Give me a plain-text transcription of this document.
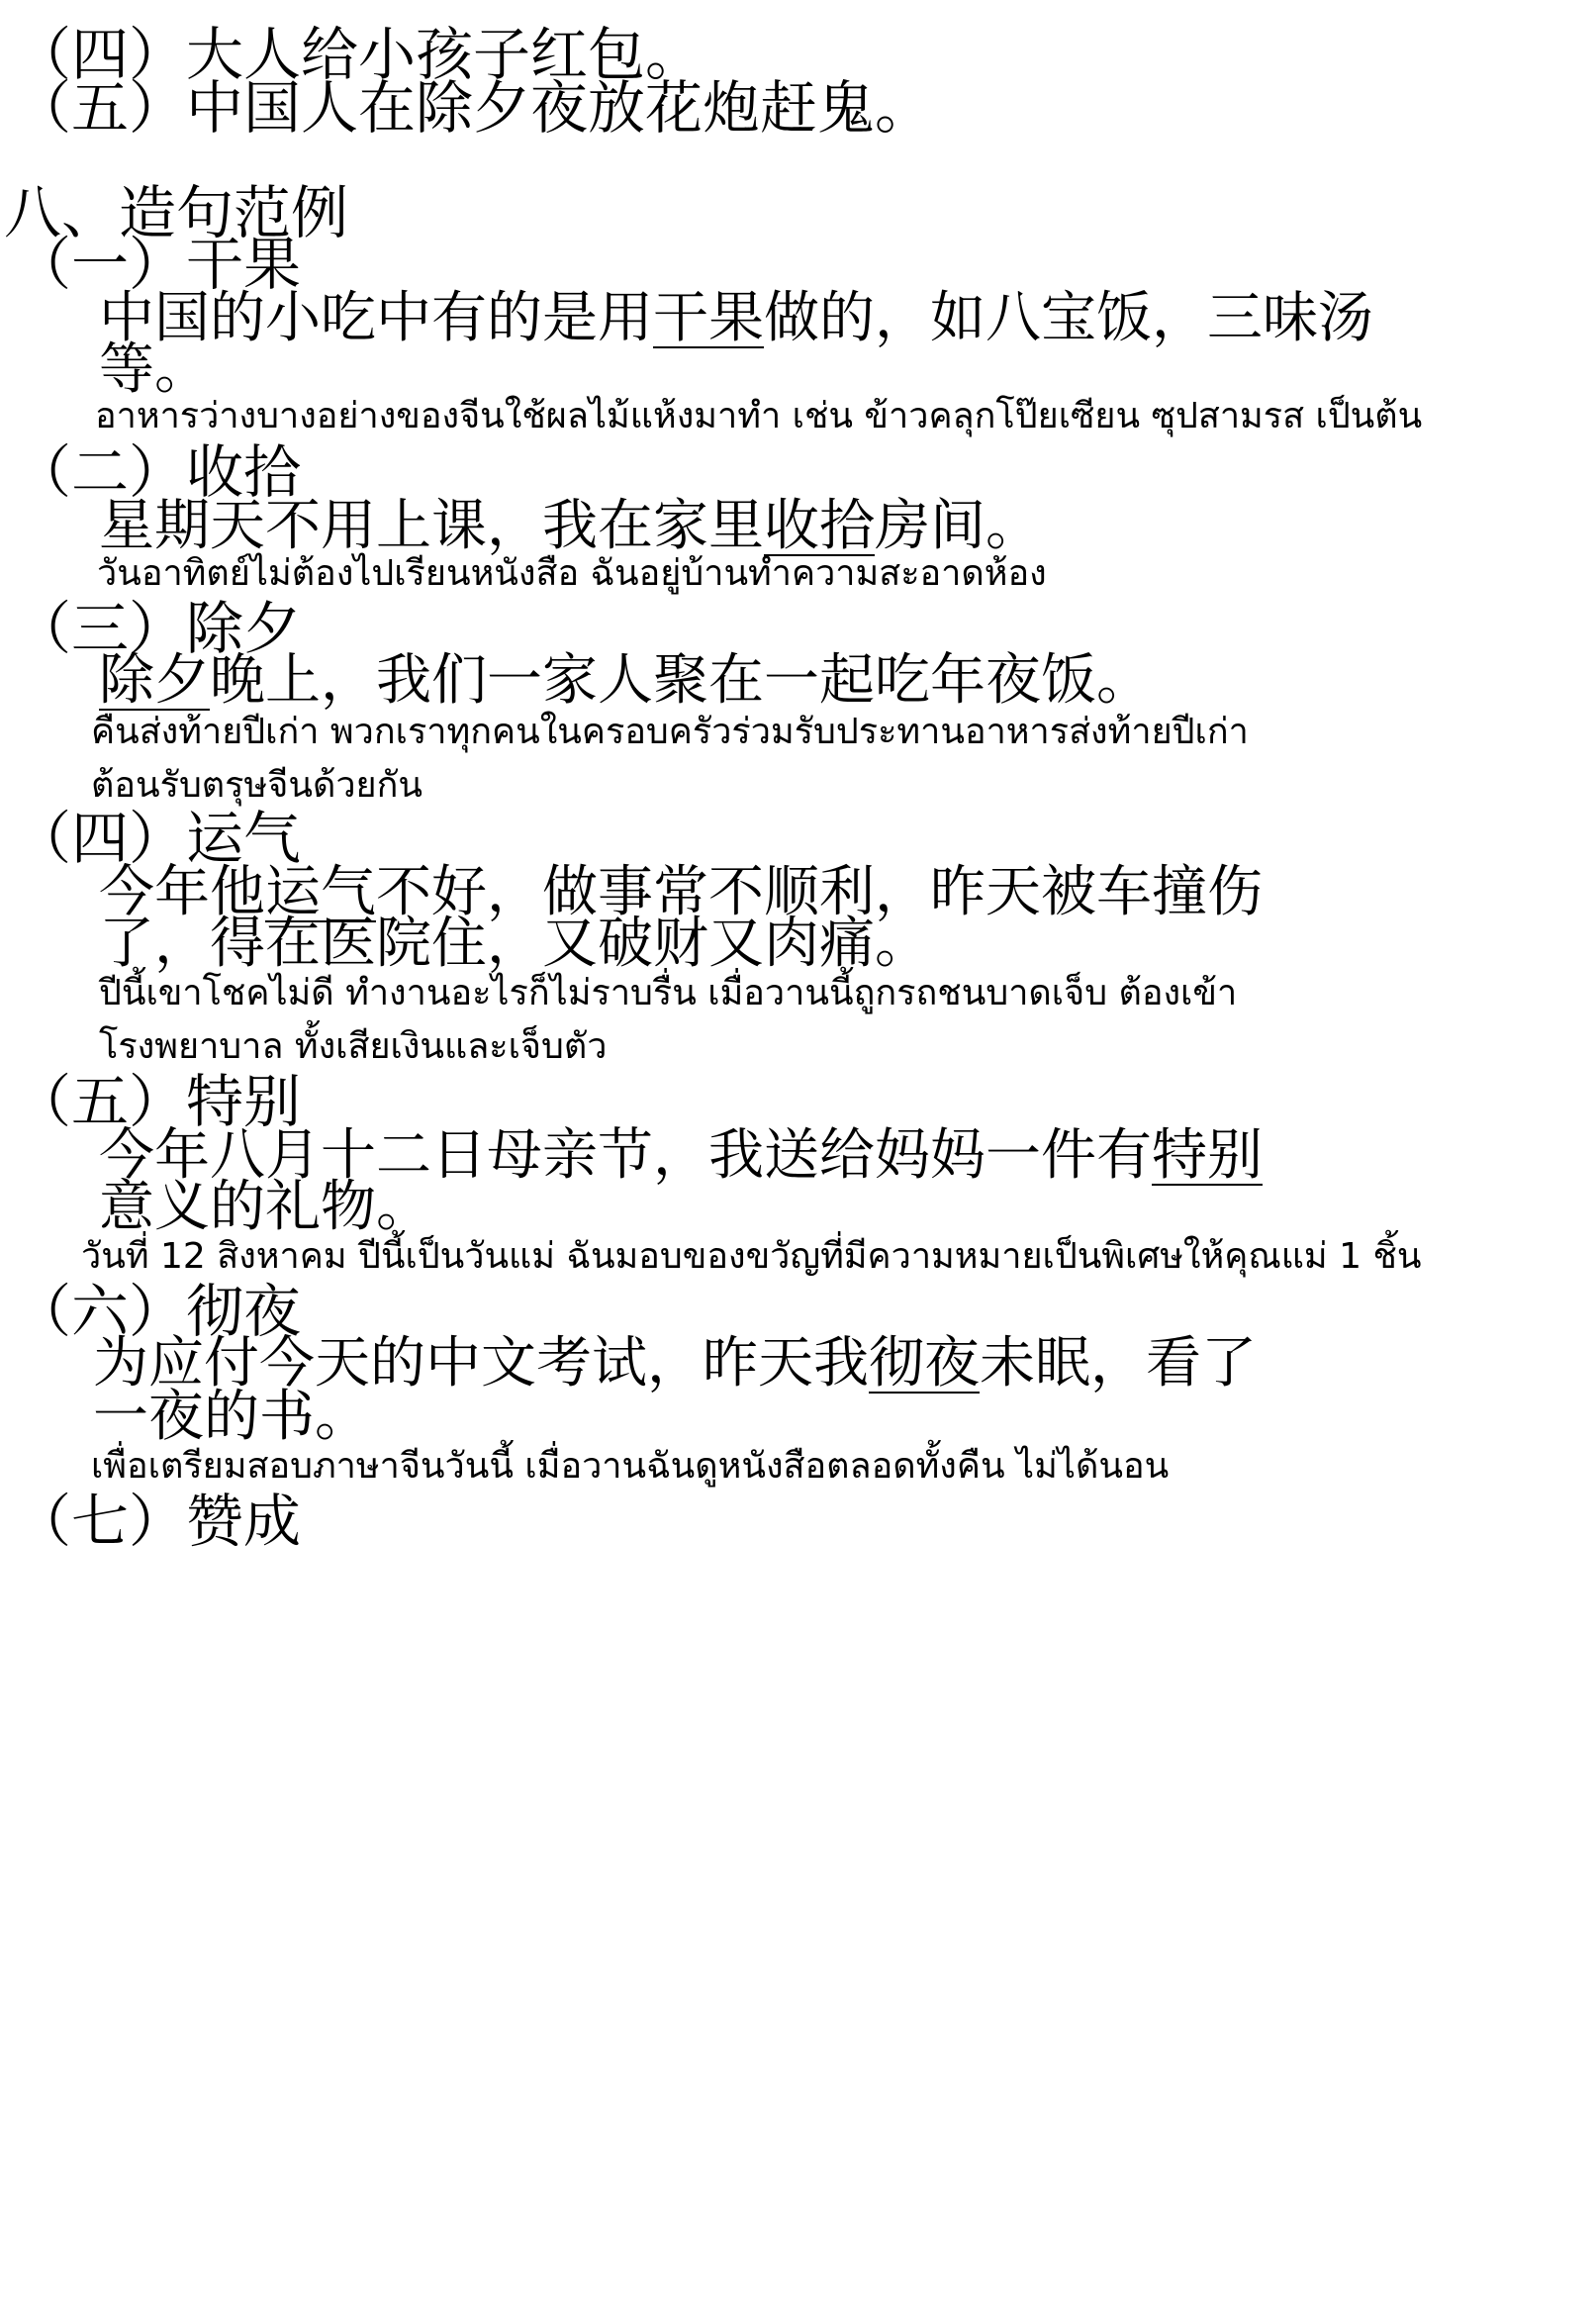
（四）大人给小孩子红包。
（五）中国人在除夕夜放花炮赶鬼。
八、造句范例
（一）干果
中国的小吃中有的是用干果做的，如八宝饭，三味汤
等。
อาหารว่างบางอย่างของจีนใช้ผลไม้แห้งมาทำ เช่น ข้าวคลุกโป๊ยเซียน ซุปสามรส เป็นต้น
（二）收拾
星期天不用上课，我在家里收拾房间。
วันอาทิตย์ไม่ต้องไปเรียนหนังสือ ฉันอยู่บ้านทำความสะอาดห้อง
（三）除夕
除夕晚上，我们一家人聚在一起吃年夜饭。
คืนส่งท้ายปีเก่า พวกเราทุกคนในครอบครัวร่วมรับประทานอาหารส่งท้ายปีเก่า
ต้อนรับตรุษจีนด้วยกัน
（四）运气
今年他运气不好，做事常不顺利，昨天被车撞伤
了，得在医院住，又破财又肉痛。
ปีนี้เขาโชคไม่ดี ทำงานอะไรก็ไม่ราบรื่น เมื่อวานนี้ถูกรถชนบาดเจ็บ ต้องเข้า
โรงพยาบาล ทั้งเสียเงินและเจ็บตัว
（五）特别
今年八月十二日母亲节，我送给妈妈一件有特别
意义的礼物。
วันที่ 12 สิงหาคม ปีนี้เป็นวันแม่ ฉันมอบของขวัญที่มีความหมายเป็นพิเศษให้คุณแม่ 1 ชิ้น
（六）彻夜
为应付今天的中文考试，昨天我彻夜未眠，看了
一夜的书。
เพื่อเตรียมสอบภาษาจีนวันนี้ เมื่อวานฉันดูหนังสือตลอดทั้งคืน ไม่ได้นอน
（七）赞成
